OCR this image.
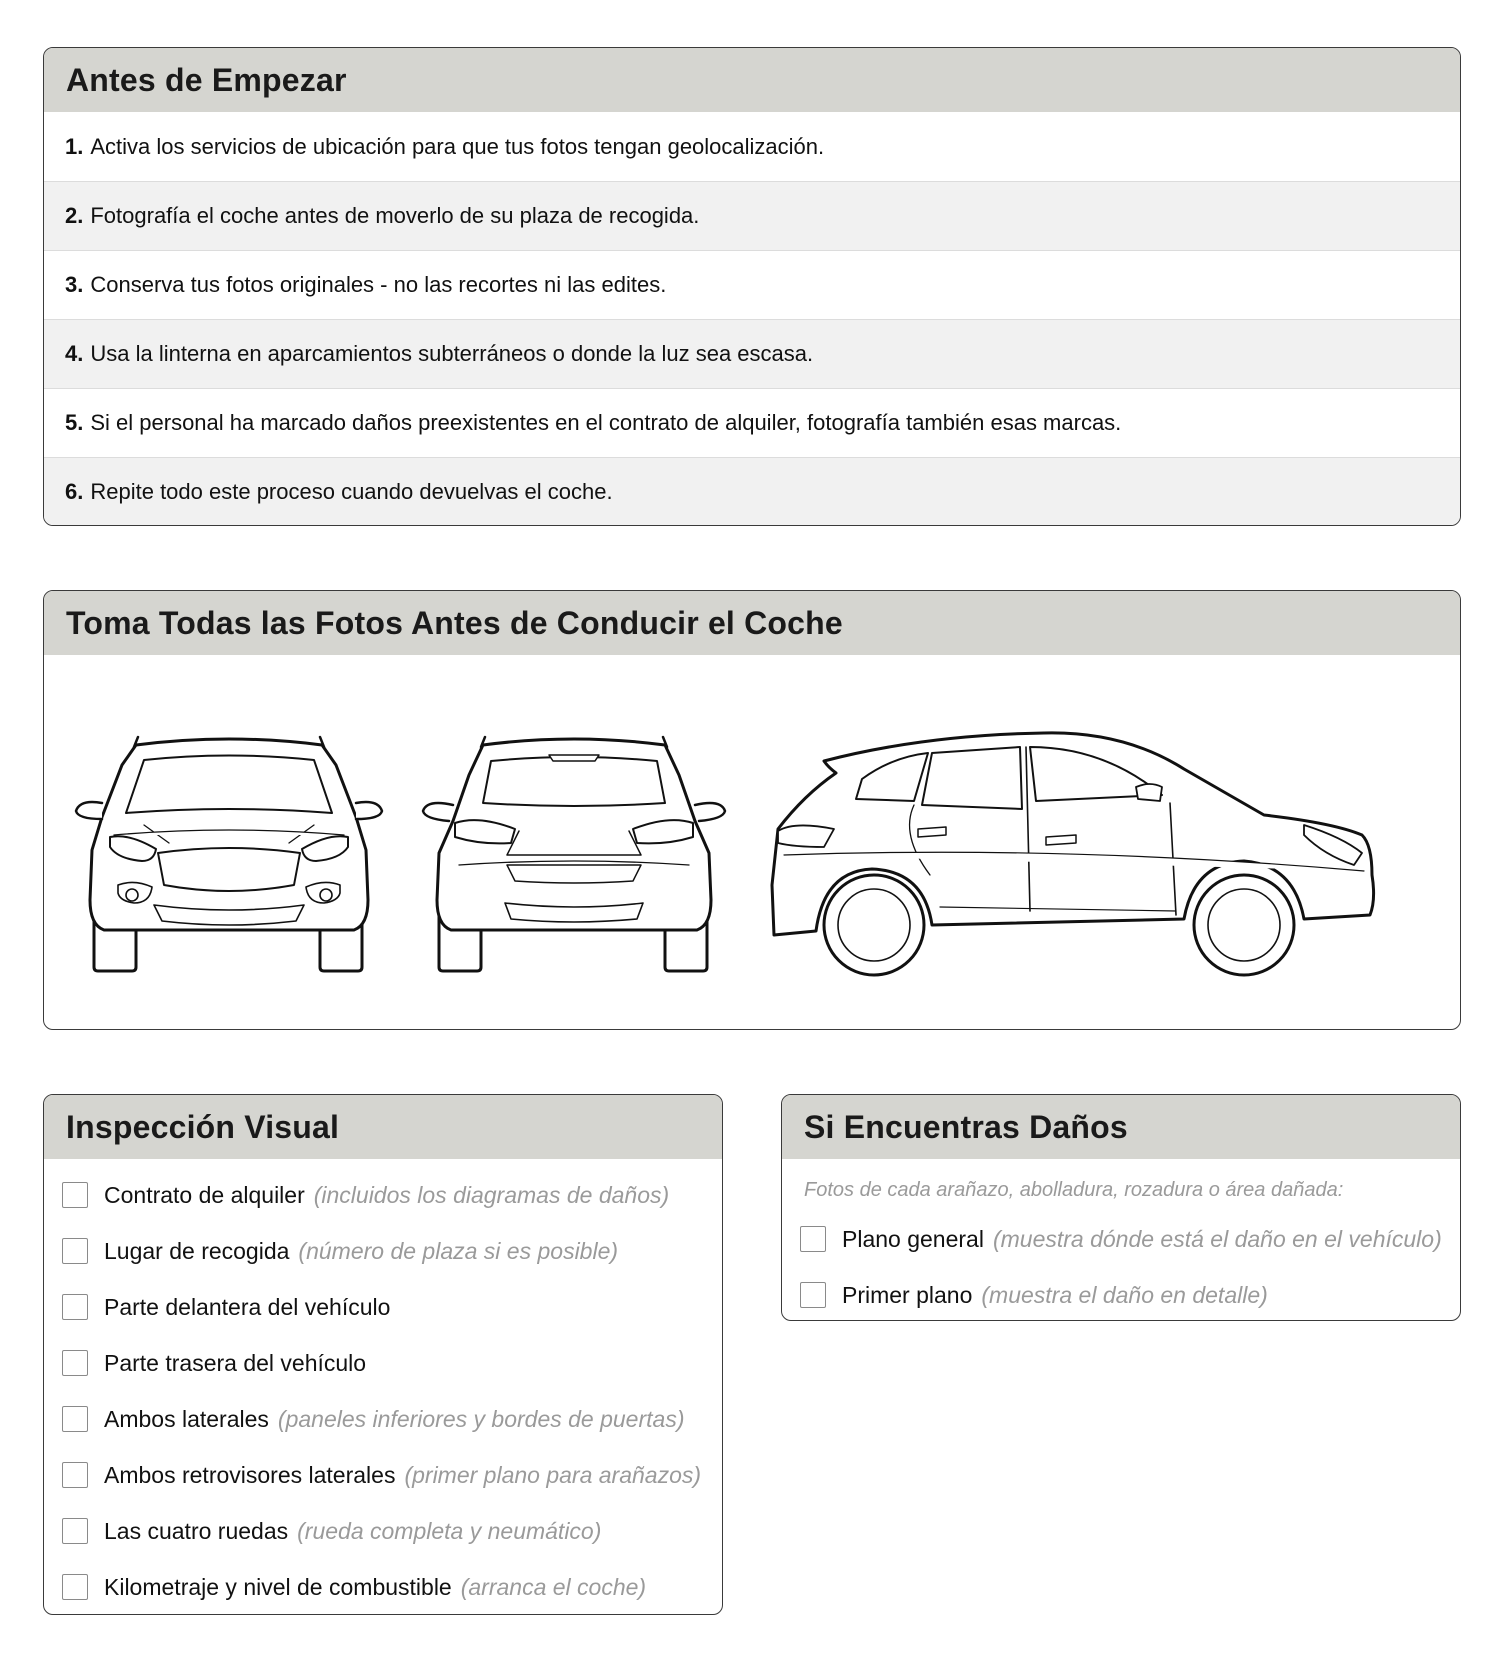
Antes de Empezar
1. Activa los servicios de ubicación para que tus fotos tengan geolocalización.
2. Fotografía el coche antes de moverlo de su plaza de recogida.
3. Conserva tus fotos originales - no las recortes ni las edites.
4. Usa la linterna en aparcamientos subterráneos o donde la luz sea escasa.
5. Si el personal ha marcado daños preexistentes en el contrato de alquiler, fotografía también esas marcas.
6. Repite todo este proceso cuando devuelvas el coche.
Toma Todas las Fotos Antes de Conducir el Coche
Inspección Visual
Contrato de alquiler (incluidos los diagramas de daños)
Lugar de recogida (número de plaza si es posible)
Parte delantera del vehículo
Parte trasera del vehículo
Ambos laterales (paneles inferiores y bordes de puertas)
Ambos retrovisores laterales (primer plano para arañazos)
Las cuatro ruedas (rueda completa y neumático)
Kilometraje y nivel de combustible (arranca el coche)
Si Encuentras Daños
Fotos de cada arañazo, abolladura, rozadura o área dañada:
Plano general (muestra dónde está el daño en el vehículo)
Primer plano (muestra el daño en detalle)
